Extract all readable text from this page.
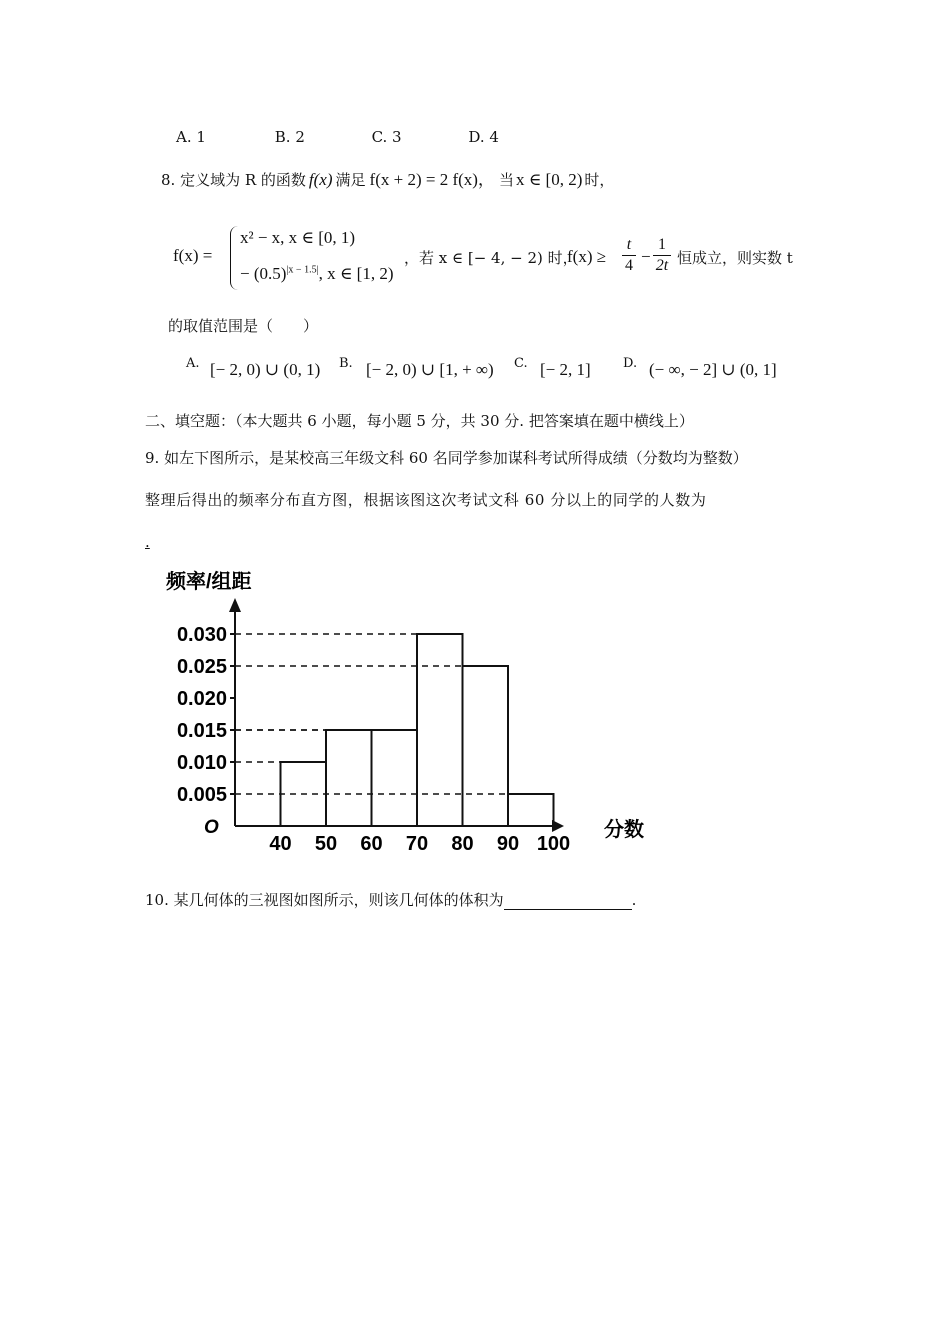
A. 1	B. 2	C. 3	D. 4
8. 定义域为 R 的函数 f(x) 满足 f(x + 2) = 2 f(x)， 当 x ∈ [0, 2) 时，
f(x) =
x² − x, x ∈ [0, 1)
− $(0.5)^{|x - 1.5|}$, x ∈ [1, 2)
，若 x ∈ [− 4, − 2) 时，
f(x) ≥
t
4 −
1
2t 恒成立，则实数 t
的取值范围是（　　）
A. [− 2, 0) ∪ (0, 1) B. [− 2, 0) ∪ [1, + ∞) C. [− 2, 1] D. (− ∞, − 2] ∪ (0, 1]
二、填空题：（本大题共 6 小题，每小题 5 分，共 30 分. 把答案填在题中横线上）
9. 如左下图所示，是某校高三年级文科 60 名同学参加谋科考试所得成绩（分数均为整数）
整理后得出的频率分布直方图，根据该图这次考试文科 60 分以上的同学的人数为
.
频率/组距
分数
O
0.005
0.010
0.015
0.020
0.025
0.030
40 50 60 70 80 90 100
10. 某几何体的三视图如图所示，则该几何体的体积为	.
